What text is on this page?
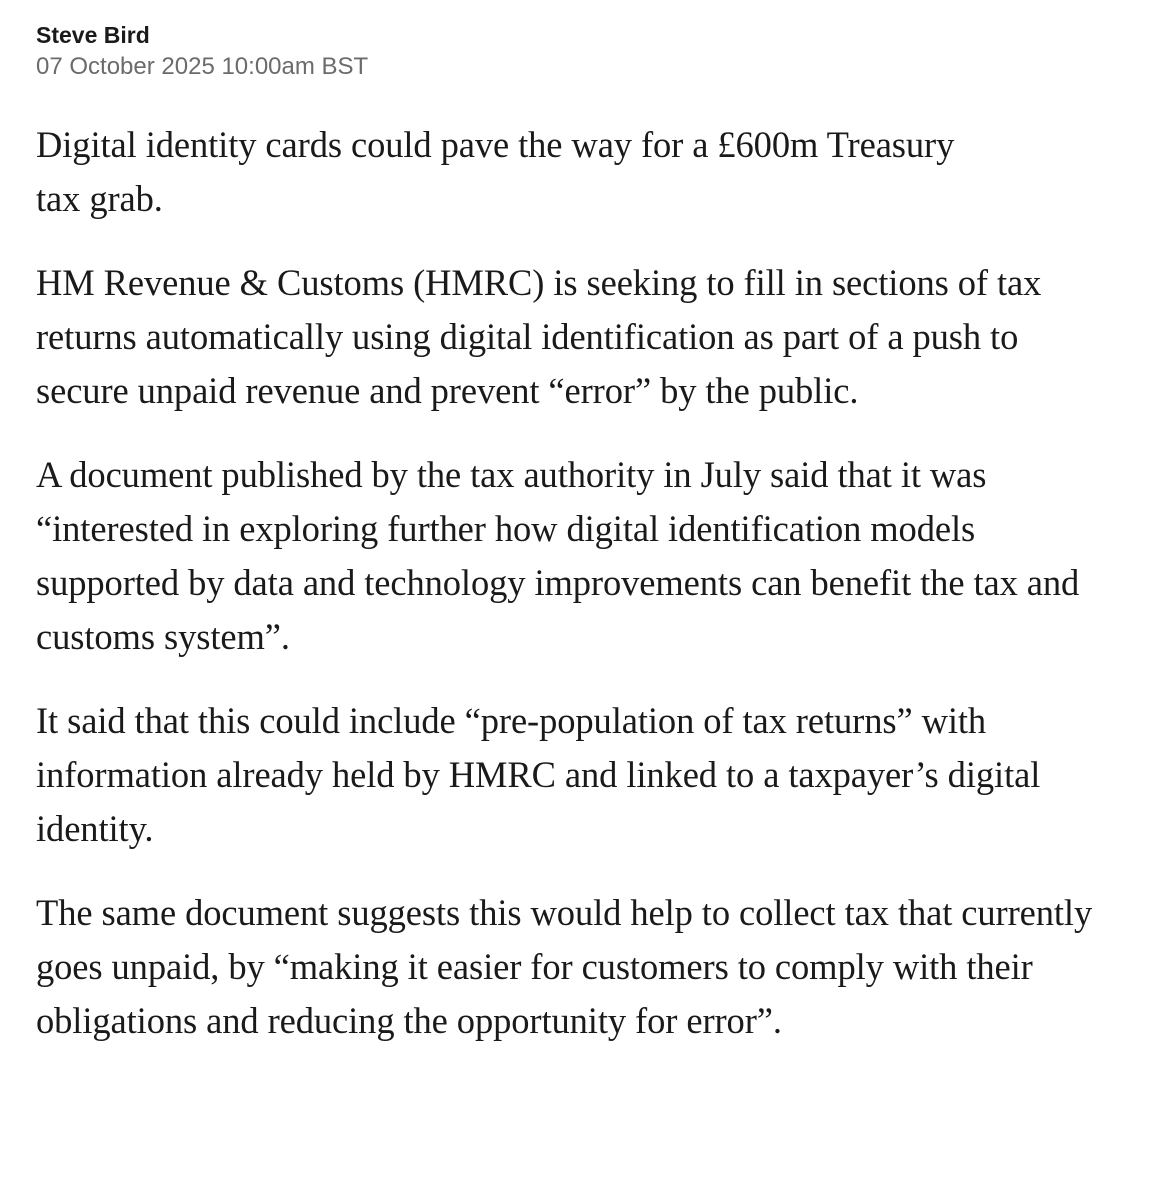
Steve Bird

07 October 2025 10:00am BST

Digital identity cards could pave the way for a £600m Treasury tax grab.

HM Revenue & Customs (HMRC) is seeking to fill in sections of tax returns automatically using digital identification as part of a push to secure unpaid revenue and prevent “error” by the public.

A document published by the tax authority in July said that it was “interested in exploring further how digital identification models supported by data and technology improvements can benefit the tax and customs system”.

It said that this could include “pre-population of tax returns” with information already held by HMRC and linked to a taxpayer’s digital identity.

The same document suggests this would help to collect tax that currently goes unpaid, by “making it easier for customers to comply with their obligations and reducing the opportunity for error”.
